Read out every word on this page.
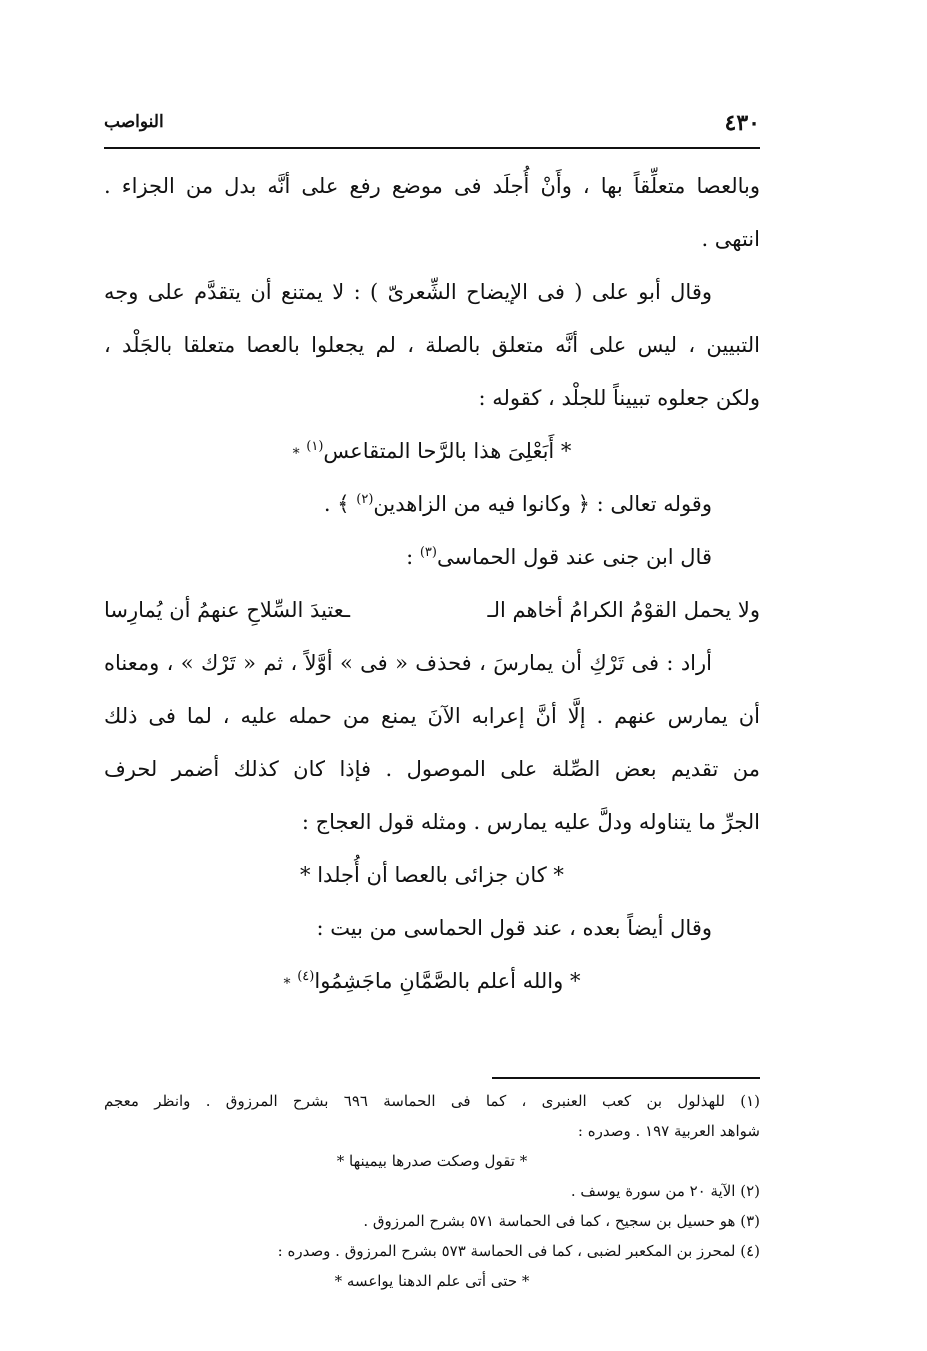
٤٣٠
النواصب
وبالعصا متعلِّقاً بها ، وأَنْ أُجلَد فى موضع رفع على أنَّه بدل من الجزاء .
انتهى .
وقال أبو على ( فى الإيضاح الشِّعرىّ ) : لا يمتنع أن يتقدَّم على وجه
التبيين ، ليس على أنَّه متعلق بالصلة ، لم يجعلوا بالعصا متعلقا بالجَلْد ،
ولكن جعلوه تبييناً للجلْد ، كقوله :
* أَبَعْلِىَ هذا بالرَّحا المتقاعس$^{(١)}$ *
وقوله تعالى : ﴿ وكانوا فيه من الزاهدين$^{(٢)}$ ﴾ .
قال ابن جنى عند قول الحماسى$^{(٣)}$ :
ولا يحمل القوْمُ الكرامُ أخاهم الـ
ـعتيدَ السِّلاحِ عنهمُ أن يُمارِسا
أراد : فى تَرْكِ أن يمارسَ ، فحذف « فى » أوَّلاً ، ثم « تَرْك » ، ومعناه
أن يمارس عنهم . إلَّا أنَّ إعرابه الآنَ يمنع من حمله عليه ، لما فى ذلك
من تقديم بعض الصِّلة على الموصول . فإذا كان كذلك أضمر لحرف
الجرِّ ما يتناوله ودلَّ عليه يمارس . ومثله قول العجاج :
* كان جزائى بالعصا أن أُجلدا *
وقال أيضاً بعده ، عند قول الحماسى من بيت :
* والله أعلم بالصَّمَّانِ ماجَشِمُوا$^{(٤)}$ *
(١) للهذلول بن كعب العنبرى ، كما فى الحماسة ٦٩٦ بشرح المرزوق . وانظر معجم
شواهد العربية ١٩٧ . وصدره :
* تقول وصكت صدرها بيمينها *
(٢) الآية ٢٠ من سورة يوسف .
(٣) هو حسيل بن سجيح ، كما فى الحماسة ٥٧١ بشرح المرزوق .
(٤) لمحرز بن المكعبر لضبى ، كما فى الحماسة ٥٧٣ بشرح المرزوق . وصدره :
* حتى أتى علم الدهنا يواعسه *
